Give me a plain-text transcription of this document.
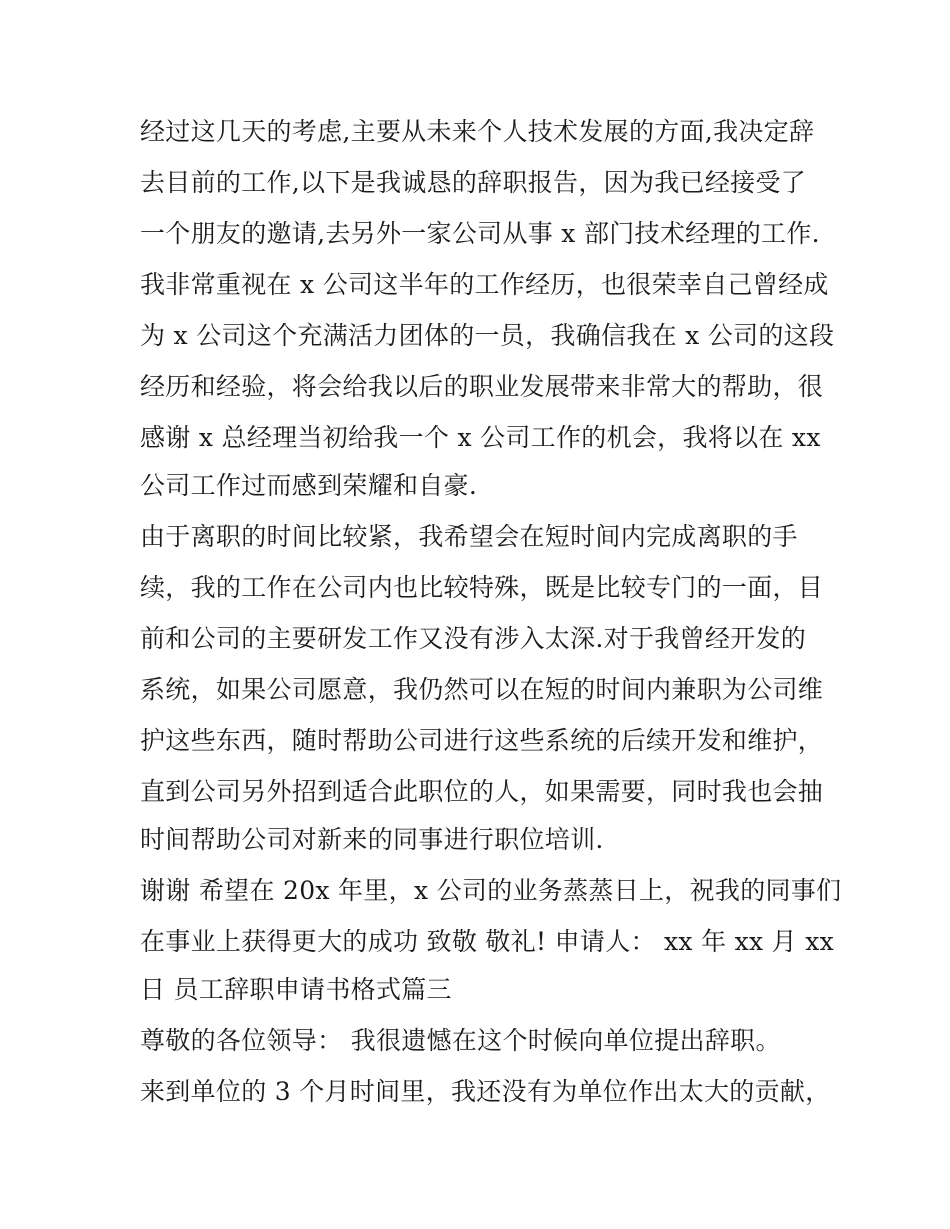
经过这几天的考虑,主要从未来个人技术发展的方面,我决定辞
去目前的工作,以下是我诚恳的辞职报告，因为我已经接受了
一个朋友的邀请,去另外一家公司从事 x 部门技术经理的工作.
我非常重视在 x 公司这半年的工作经历，也很荣幸自己曾经成
为 x 公司这个充满活力团体的一员，我确信我在 x 公司的这段
经历和经验，将会给我以后的职业发展带来非常大的帮助，很
感谢 x 总经理当初给我一个 x 公司工作的机会，我将以在 xx
公司工作过而感到荣耀和自豪.
由于离职的时间比较紧，我希望会在短时间内完成离职的手
续，我的工作在公司内也比较特殊，既是比较专门的一面，目
前和公司的主要研发工作又没有涉入太深.对于我曾经开发的
系统，如果公司愿意，我仍然可以在短的时间内兼职为公司维
护这些东西，随时帮助公司进行这些系统的后续开发和维护，
直到公司另外招到适合此职位的人，如果需要，同时我也会抽
时间帮助公司对新来的同事进行职位培训.
谢谢 希望在 20x 年里，x 公司的业务蒸蒸日上，祝我的同事们
在事业上获得更大的成功 致敬 敬礼! 申请人： xx 年 xx 月 xx
日 员工辞职申请书格式篇三
尊敬的各位领导： 我很遗憾在这个时候向单位提出辞职。
来到单位的 3 个月时间里，我还没有为单位作出太大的贡献，
